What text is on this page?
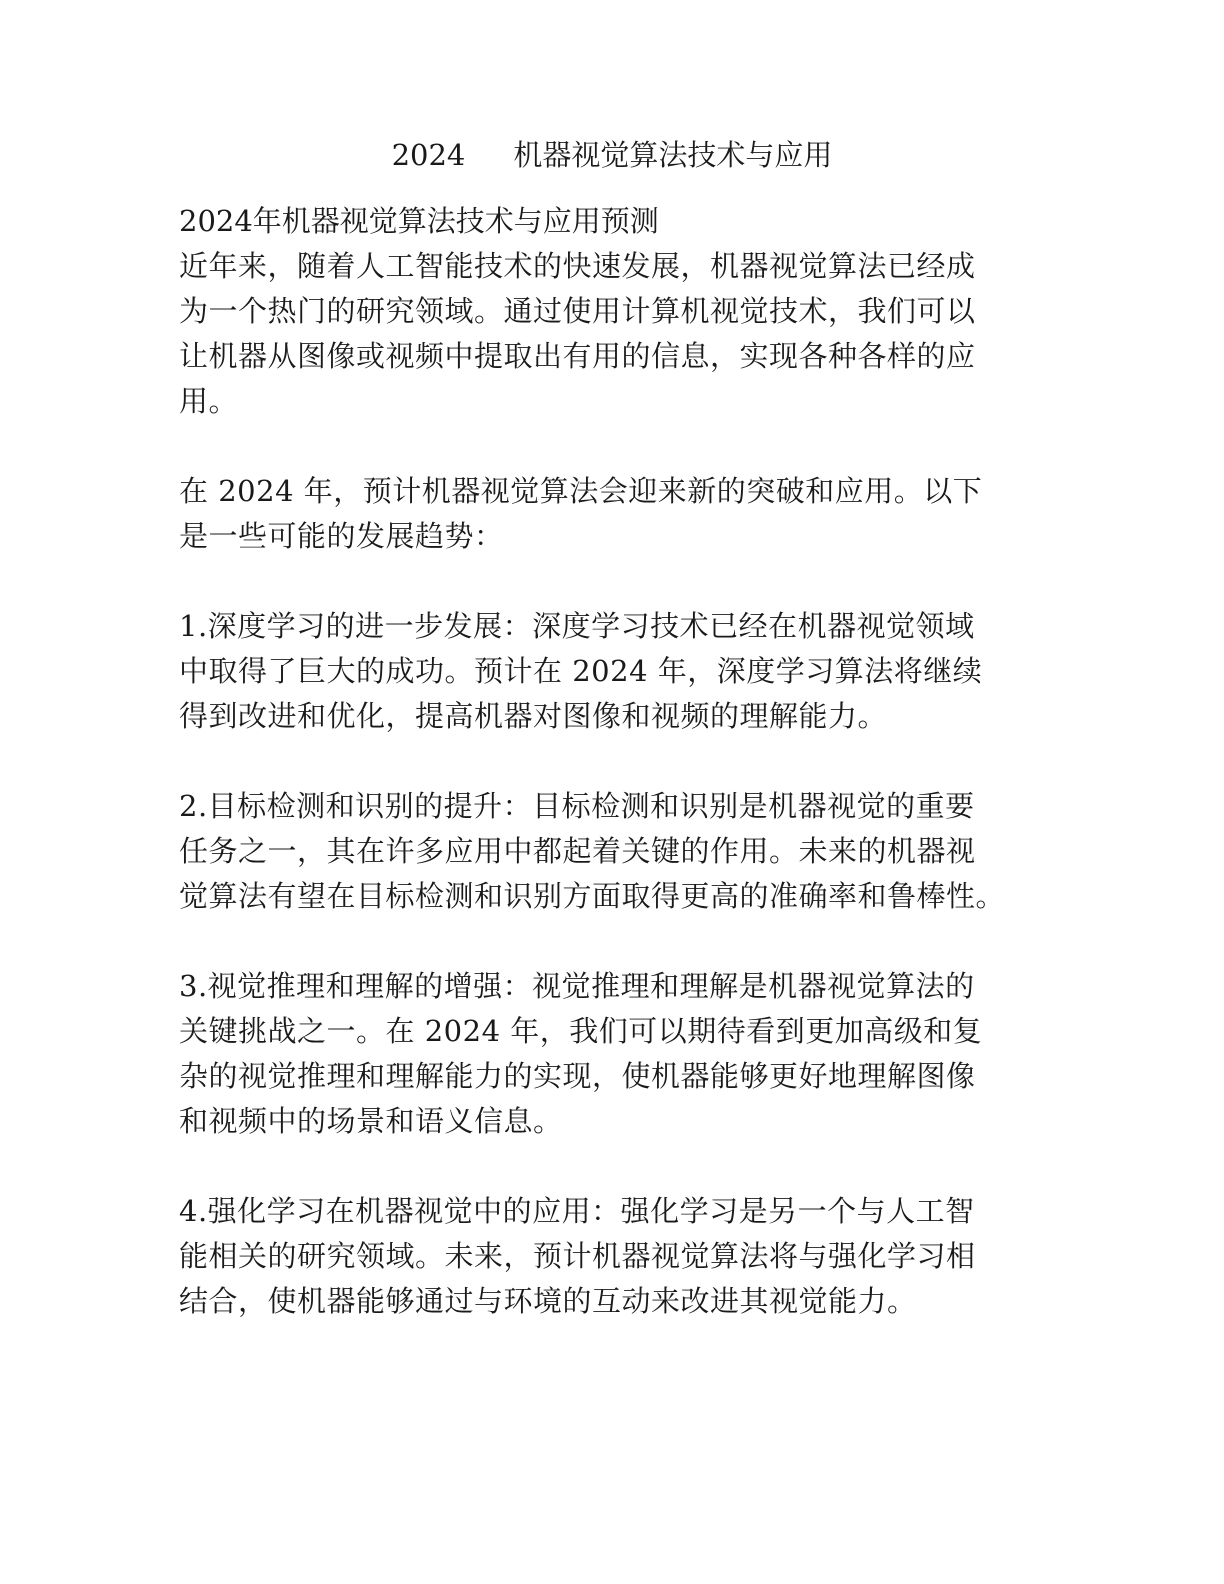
2024 机器视觉算法技术与应用
2024年机器视觉算法技术与应用预测

近年来，随着人工智能技术的快速发展，机器视觉算法已经成
为一个热门的研究领域。通过使用计算机视觉技术，我们可以
让机器从图像或视频中提取出有用的信息，实现各种各样的应
用。

在 2024 年，预计机器视觉算法会迎来新的突破和应用。以下
是一些可能的发展趋势：

1.深度学习的进一步发展：深度学习技术已经在机器视觉领域
中取得了巨大的成功。预计在 2024 年，深度学习算法将继续
得到改进和优化，提高机器对图像和视频的理解能力。

2.目标检测和识别的提升：目标检测和识别是机器视觉的重要
任务之一，其在许多应用中都起着关键的作用。未来的机器视
觉算法有望在目标检测和识别方面取得更高的准确率和鲁棒性。

3.视觉推理和理解的增强：视觉推理和理解是机器视觉算法的
关键挑战之一。在 2024 年，我们可以期待看到更加高级和复
杂的视觉推理和理解能力的实现，使机器能够更好地理解图像
和视频中的场景和语义信息。

4.强化学习在机器视觉中的应用：强化学习是另一个与人工智
能相关的研究领域。未来，预计机器视觉算法将与强化学习相
结合，使机器能够通过与环境的互动来改进其视觉能力。
